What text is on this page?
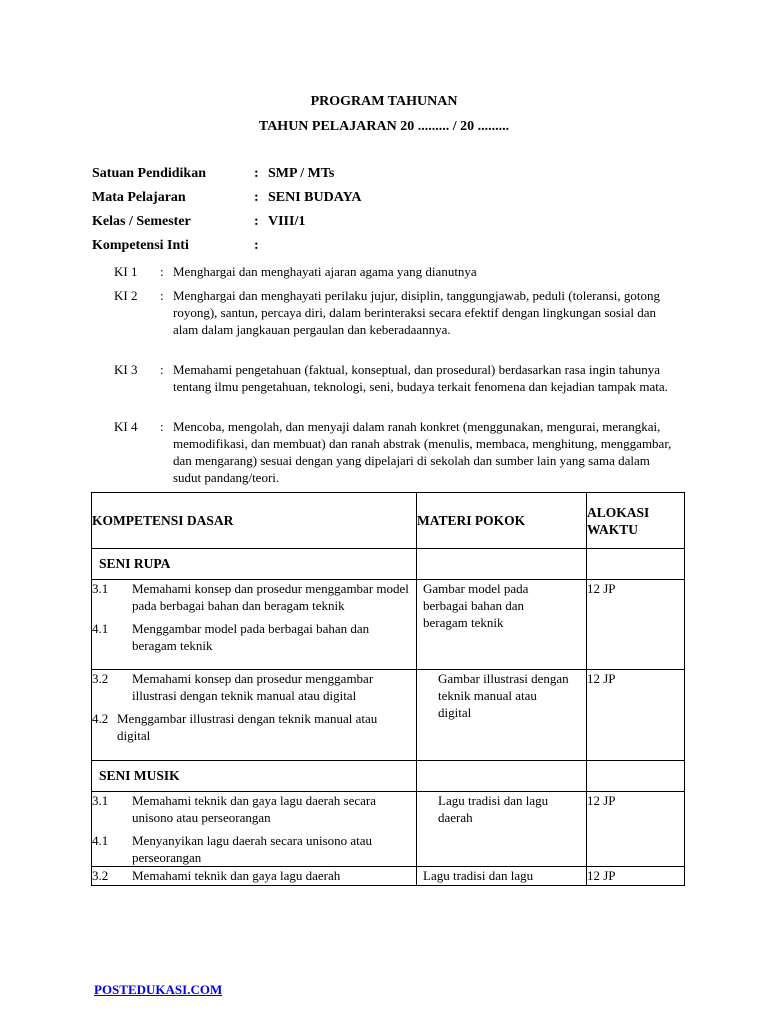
PROGRAM TAHUNAN
TAHUN PELAJARAN 20 ......... / 20 .........
Satuan Pendidikan	: SMP / MTs
Mata Pelajaran	: SENI BUDAYA
Kelas / Semester	: VIII/1
Kompetensi Inti	:
KI 1 : Menghargai dan menghayati ajaran agama yang dianutnya
KI 2 : Menghargai dan menghayati perilaku jujur, disiplin, tanggungjawab, peduli (toleransi, gotong royong), santun, percaya diri, dalam berinteraksi secara efektif dengan lingkungan sosial dan alam dalam jangkauan pergaulan dan keberadaannya.
KI 3 : Memahami pengetahuan (faktual, konseptual, dan prosedural) berdasarkan rasa ingin tahunya tentang ilmu pengetahuan, teknologi, seni, budaya terkait fenomena dan kejadian tampak mata.
KI 4 : Mencoba, mengolah, dan menyaji dalam ranah konkret (menggunakan, mengurai, merangkai, memodifikasi, dan membuat) dan ranah abstrak (menulis, membaca, menghitung, menggambar, dan mengarang) sesuai dengan yang dipelajari di sekolah dan sumber lain yang sama dalam sudut pandang/teori.
KOMPETENSI DASAR	MATERI POKOK	ALOKASI WAKTU
SENI RUPA		

3.1 Memahami konsep dan prosedur menggambar model pada berbagai bahan dan beragam teknik
4.1 Menggambar model pada berbagai bahan dan beragam teknik	Gambar model pada berbagai bahan dan beragam teknik	12 JP

3.2 Memahami konsep dan prosedur menggambar illustrasi dengan teknik manual atau digital
4.2 Menggambar illustrasi dengan teknik manual atau digital	Gambar illustrasi dengan teknik manual atau digital	12 JP
SENI MUSIK		

3.1 Memahami teknik dan gaya lagu daerah secara unisono atau perseorangan
4.1 Menyanyikan lagu daerah secara unisono atau perseorangan	Lagu tradisi dan lagu daerah	12 JP

3.2 Memahami teknik dan gaya lagu daerah	Lagu tradisi dan lagu	12 JP
POSTEDUKASI.COM
